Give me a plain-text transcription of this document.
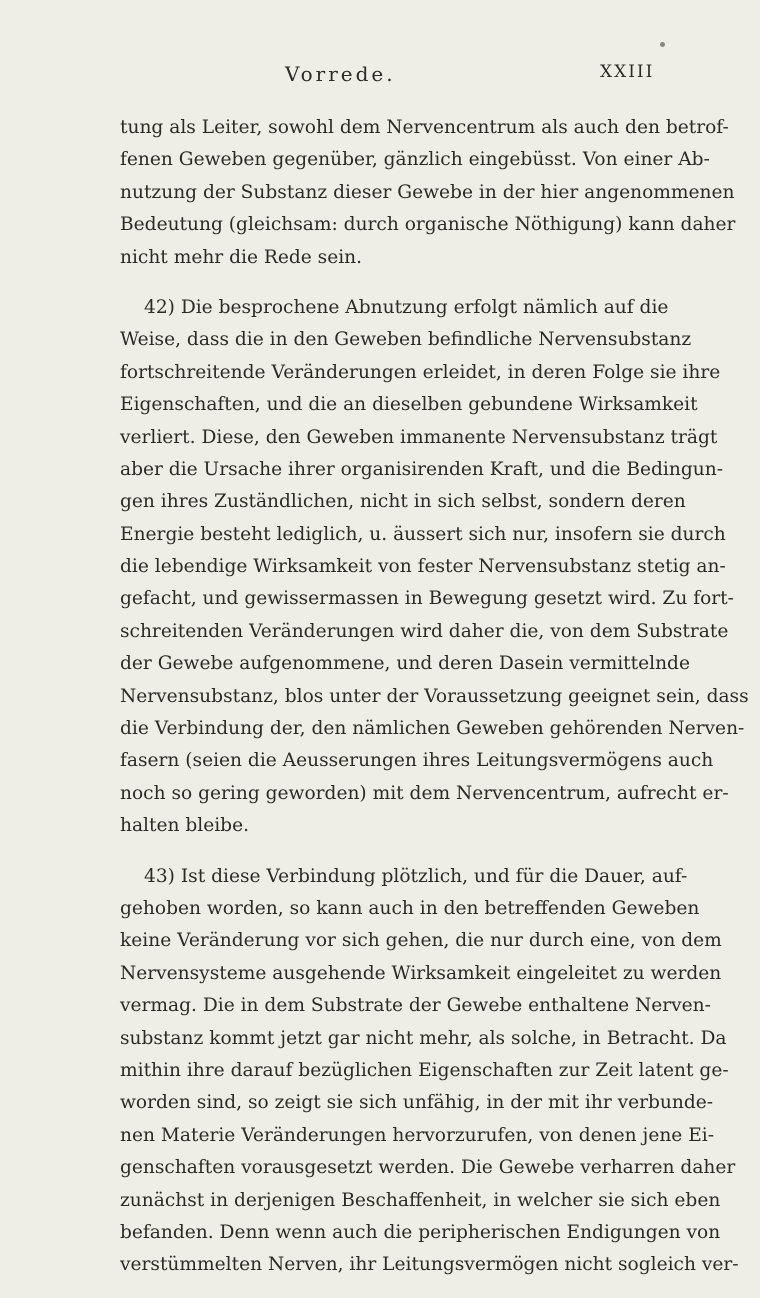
Vorrede.	XXIII
tung als Leiter, sowohl dem Nervencentrum als auch den betrof-
fenen Geweben gegenüber, gänzlich eingebüsst. Von einer Ab-
nutzung der Substanz dieser Gewebe in der hier angenommenen
Bedeutung (gleichsam: durch organische Nöthigung) kann daher
nicht mehr die Rede sein.
42) Die besprochene Abnutzung erfolgt nämlich auf die
Weise, dass die in den Geweben befindliche Nervensubstanz
fortschreitende Veränderungen erleidet, in deren Folge sie ihre
Eigenschaften, und die an dieselben gebundene Wirksamkeit
verliert. Diese, den Geweben immanente Nervensubstanz trägt
aber die Ursache ihrer organisirenden Kraft, und die Bedingun-
gen ihres Zuständlichen, nicht in sich selbst, sondern deren
Energie besteht lediglich, u. äussert sich nur, insofern sie durch
die lebendige Wirksamkeit von fester Nervensubstanz stetig an-
gefacht, und gewissermassen in Bewegung gesetzt wird. Zu fort-
schreitenden Veränderungen wird daher die, von dem Substrate
der Gewebe aufgenommene, und deren Dasein vermittelnde
Nervensubstanz, blos unter der Voraussetzung geeignet sein, dass
die Verbindung der, den nämlichen Geweben gehörenden Nerven-
fasern (seien die Aeusserungen ihres Leitungsvermögens auch
noch so gering geworden) mit dem Nervencentrum, aufrecht er-
halten bleibe.
43) Ist diese Verbindung plötzlich, und für die Dauer, auf-
gehoben worden, so kann auch in den betreffenden Geweben
keine Veränderung vor sich gehen, die nur durch eine, von dem
Nervensysteme ausgehende Wirksamkeit eingeleitet zu werden
vermag. Die in dem Substrate der Gewebe enthaltene Nerven-
substanz kommt jetzt gar nicht mehr, als solche, in Betracht. Da
mithin ihre darauf bezüglichen Eigenschaften zur Zeit latent ge-
worden sind, so zeigt sie sich unfähig, in der mit ihr verbunde-
nen Materie Veränderungen hervorzurufen, von denen jene Ei-
genschaften vorausgesetzt werden. Die Gewebe verharren daher
zunächst in derjenigen Beschaffenheit, in welcher sie sich eben
befanden. Denn wenn auch die peripherischen Endigungen von
verstümmelten Nerven, ihr Leitungsvermögen nicht sogleich ver-
